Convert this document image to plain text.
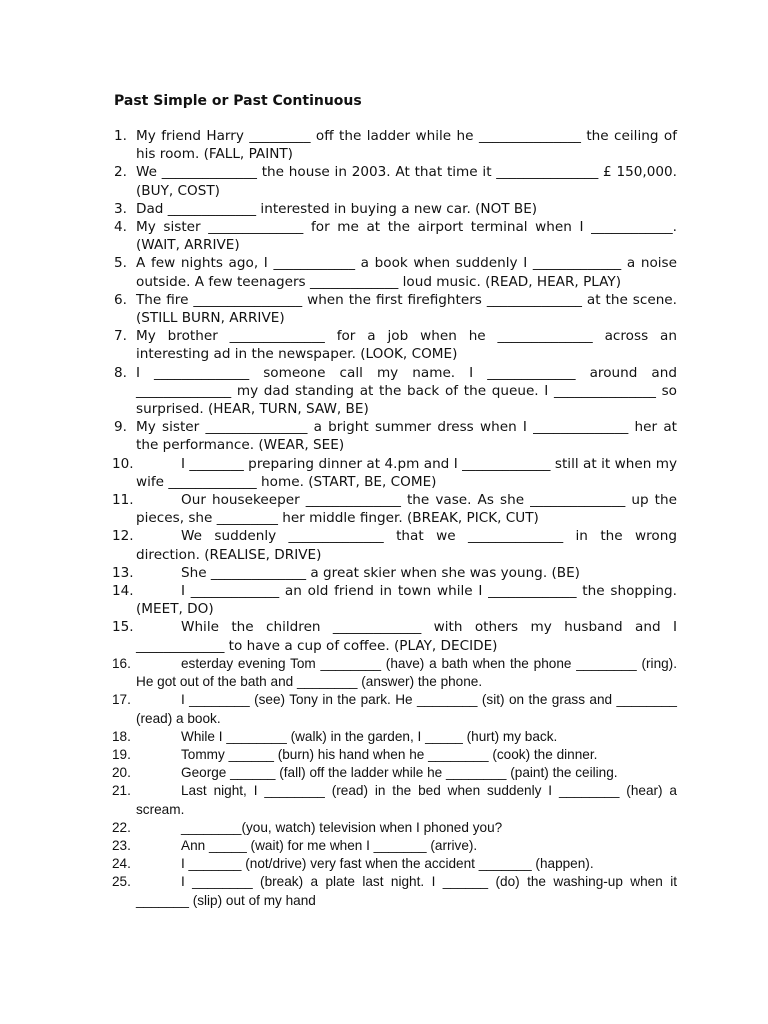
Past Simple or Past Continuous
1. My friend Harry _________ off the ladder while he _______________ the ceiling of his room. (FALL, PAINT)
2. We ______________ the house in 2003. At that time it _______________ £ 150,000. (BUY, COST)
3. Dad _____________ interested in buying a new car. (NOT BE)
4. My sister ______________ for me at the airport terminal when I ____________. (WAIT, ARRIVE)
5. A few nights ago, I ____________ a book when suddenly I _____________ a noise outside. A few teenagers _____________ loud music. (READ, HEAR, PLAY)
6. The fire ________________ when the first firefighters ______________ at the scene. (STILL BURN, ARRIVE)
7. My brother ______________ for a job when he ______________ across an interesting ad in the newspaper. (LOOK, COME)
8. I ______________ someone call my name. I _____________ around and ______________ my dad standing at the back of the queue. I _______________ so surprised. (HEAR, TURN, SAW, BE)
9. My sister _______________ a bright summer dress when I ______________ her at the performance. (WEAR, SEE)
10.	I ________ preparing dinner at 4.pm and I _____________ still at it when my wife _____________ home. (START, BE, COME)
11.	Our housekeeper ______________ the vase. As she ______________ up the pieces, she _________ her middle finger. (BREAK, PICK, CUT)
12.	We suddenly ______________ that we ______________ in the wrong direction. (REALISE, DRIVE)
13.	She ______________ a great skier when she was young. (BE)
14.	I _____________ an old friend in town while I _____________ the shopping. (MEET, DO)
15.	While the children _____________ with others my husband and I _____________ to have a cup of coffee. (PLAY, DECIDE)
16.	esterday evening Tom ________ (have) a bath when the phone ________ (ring). He got out of the bath and ________ (answer) the phone.
17.	I ________ (see) Tony in the park. He ________ (sit) on the grass and ________ (read) a book.
18.	While I ________ (walk) in the garden, I _____ (hurt) my back.
19.	Tommy ______ (burn) his hand when he ________ (cook) the dinner.
20.	George ______ (fall) off the ladder while he ________ (paint) the ceiling.
21.	Last night, I ________ (read) in the bed when suddenly I ________ (hear) a scream.
22.	________(you, watch) television when I phoned you?
23.	Ann _____ (wait) for me when I _______ (arrive).
24.	I _______ (not/drive) very fast when the accident _______ (happen).
25.	I ________ (break) a plate last night. I ______ (do) the washing-up when it _______ (slip) out of my hand
